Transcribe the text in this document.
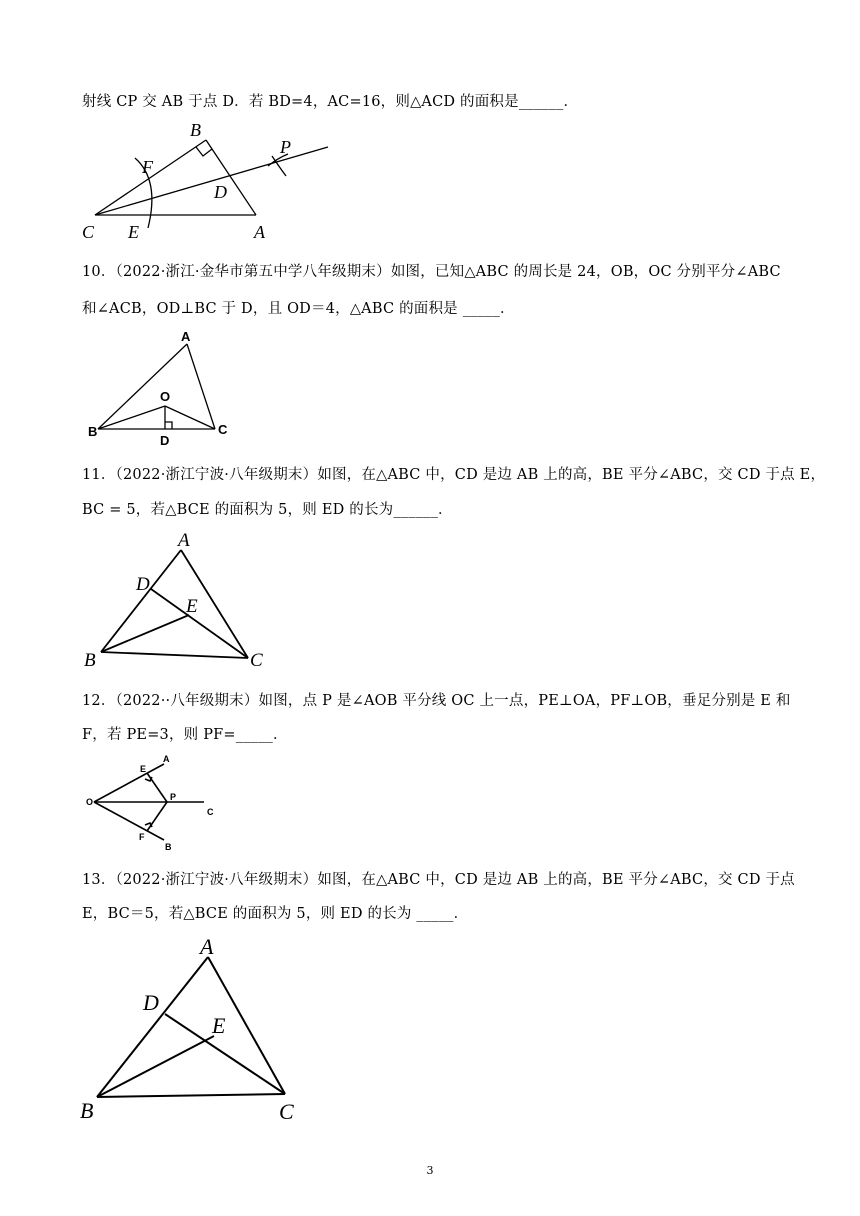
射线 CP 交 AB 于点 D．若 BD=4，AC=16，则△ACD 的面积是______．
B
F
P
D
C E	A
10．（2022·浙江·金华市第五中学八年级期末）如图，已知△ABC 的周长是 24，OB，OC 分别平分∠ABC
和∠ACB，OD⊥BC 于 D，且 OD＝4，△ABC 的面积是 _____．
A
O
B
D
C
11．（2022·浙江宁波·八年级期末）如图，在△ABC 中，CD 是边 AB 上的高，BE 平分∠ABC，交 CD 于点 E，
BC = 5，若△BCE 的面积为 5，则 ED 的长为______．
A
D
E
B	C
12．（2022··八年级期末）如图，点 P 是∠AOB 平分线 OC 上一点，PE⊥OA，PF⊥OB，垂足分别是 E 和
F，若 PE=3，则 PF=_____．
A
E
O	P
C
F
B
13．（2022·浙江宁波·八年级期末）如图，在△ABC 中，CD 是边 AB 上的高，BE 平分∠ABC，交 CD 于点
E，BC＝5，若△BCE 的面积为 5，则 ED 的长为 _____．
A
D
E
B	C
3
